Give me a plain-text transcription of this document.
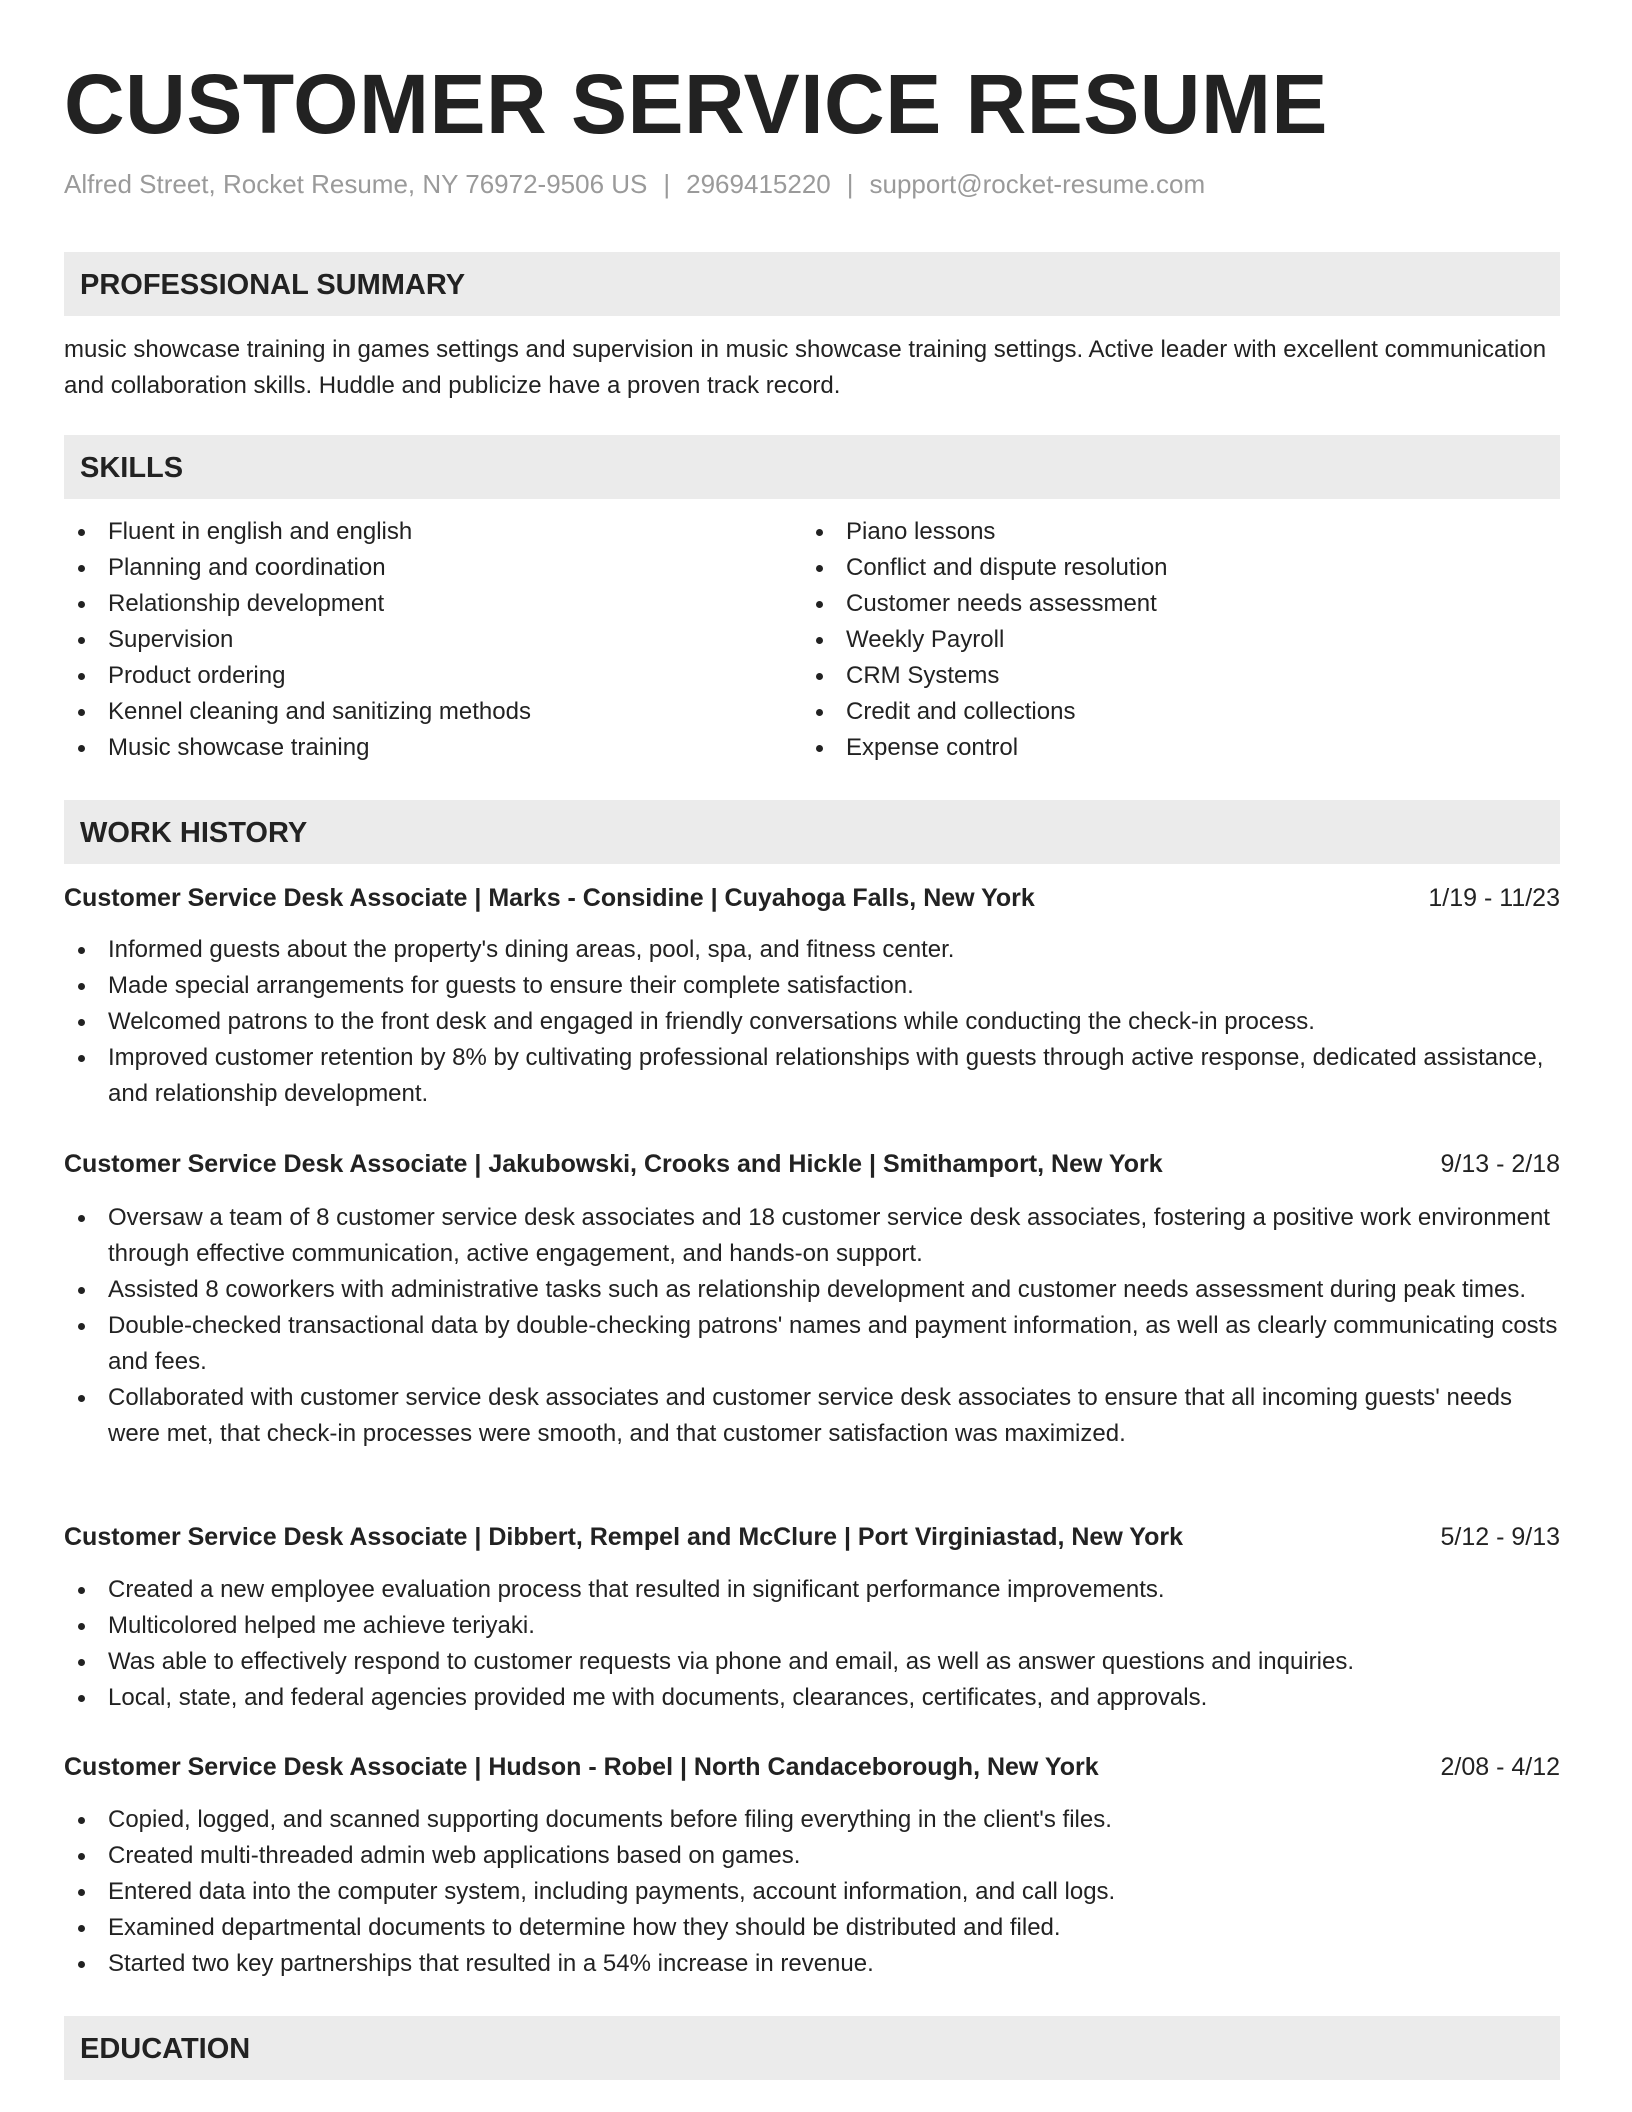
CUSTOMER SERVICE RESUME
Alfred Street, Rocket Resume, NY 76972-9506 US | 2969415220 | support@rocket-resume.com
PROFESSIONAL SUMMARY
music showcase training in games settings and supervision in music showcase training settings. Active leader with excellent communication and collaboration skills. Huddle and publicize have a proven track record.
SKILLS
Fluent in english and english
Planning and coordination
Relationship development
Supervision
Product ordering
Kennel cleaning and sanitizing methods
Music showcase training
Piano lessons
Conflict and dispute resolution
Customer needs assessment
Weekly Payroll
CRM Systems
Credit and collections
Expense control
WORK HISTORY
Customer Service Desk Associate | Marks - Considine | Cuyahoga Falls, New York	1/19 - 11/23
Informed guests about the property's dining areas, pool, spa, and fitness center.
Made special arrangements for guests to ensure their complete satisfaction.
Welcomed patrons to the front desk and engaged in friendly conversations while conducting the check-in process.
Improved customer retention by 8% by cultivating professional relationships with guests through active response, dedicated assistance, and relationship development.
Customer Service Desk Associate | Jakubowski, Crooks and Hickle | Smithamport, New York	9/13 - 2/18
Oversaw a team of 8 customer service desk associates and 18 customer service desk associates, fostering a positive work environment through effective communication, active engagement, and hands-on support.
Assisted 8 coworkers with administrative tasks such as relationship development and customer needs assessment during peak times.
Double-checked transactional data by double-checking patrons' names and payment information, as well as clearly communicating costs and fees.
Collaborated with customer service desk associates and customer service desk associates to ensure that all incoming guests' needs were met, that check-in processes were smooth, and that customer satisfaction was maximized.
Customer Service Desk Associate | Dibbert, Rempel and McClure | Port Virginiastad, New York	5/12 - 9/13
Created a new employee evaluation process that resulted in significant performance improvements.
Multicolored helped me achieve teriyaki.
Was able to effectively respond to customer requests via phone and email, as well as answer questions and inquiries.
Local, state, and federal agencies provided me with documents, clearances, certificates, and approvals.
Customer Service Desk Associate | Hudson - Robel | North Candaceborough, New York	2/08 - 4/12
Copied, logged, and scanned supporting documents before filing everything in the client's files.
Created multi-threaded admin web applications based on games.
Entered data into the computer system, including payments, account information, and call logs.
Examined departmental documents to determine how they should be distributed and filed.
Started two key partnerships that resulted in a 54% increase in revenue.
EDUCATION
